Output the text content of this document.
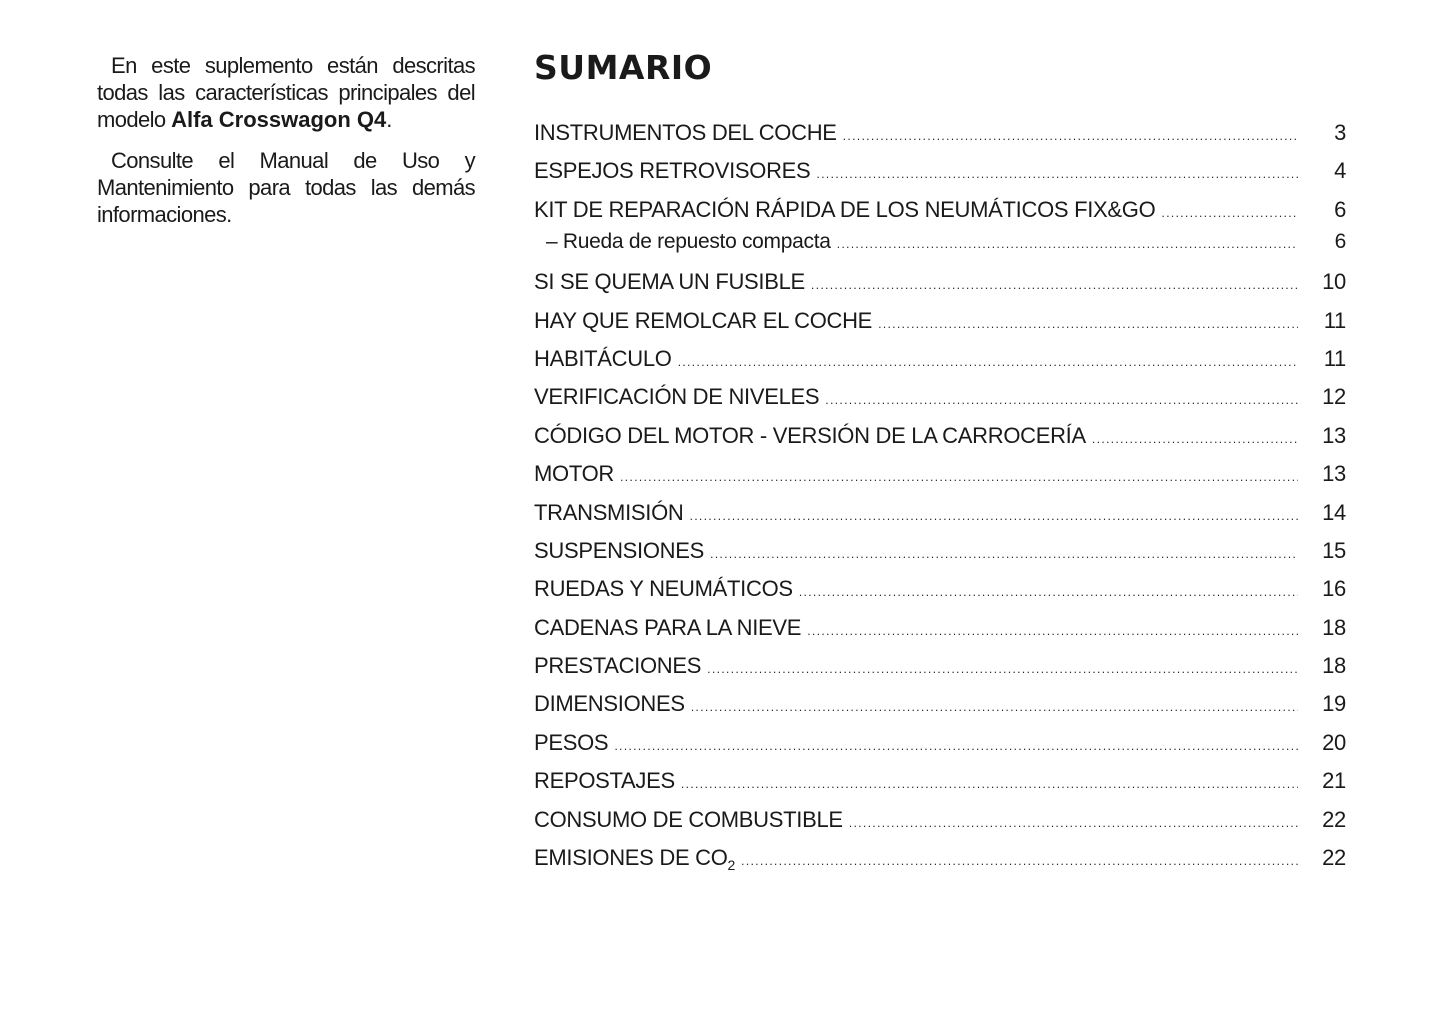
En este suplemento están descritas todas las características principales del modelo Alfa Crosswagon Q4.

Consulte el Manual de Uso y Mantenimiento para todas las demás informaciones.

SUMARIO
INSTRUMENTOS DEL COCHE .....	3
ESPEJOS RETROVISORES .....	4
KIT DE REPARACIÓN RÁPIDA DE LOS NEUMÁTICOS FIX&GO .....	6
– Rueda de repuesto compacta .....	6
SI SE QUEMA UN FUSIBLE .....	10
HAY QUE REMOLCAR EL COCHE .....	11
HABITÁCULO .....	11
VERIFICACIÓN DE NIVELES .....	12
CÓDIGO DEL MOTOR - VERSIÓN DE LA CARROCERÍA .....	13
MOTOR .....	13
TRANSMISIÓN .....	14
SUSPENSIONES .....	15
RUEDAS Y NEUMÁTICOS .....	16
CADENAS PARA LA NIEVE .....	18
PRESTACIONES .....	18
DIMENSIONES .....	19
PESOS .....	20
REPOSTAJES .....	21
CONSUMO DE COMBUSTIBLE .....	22
EMISIONES DE $CO_2$ .....	22
